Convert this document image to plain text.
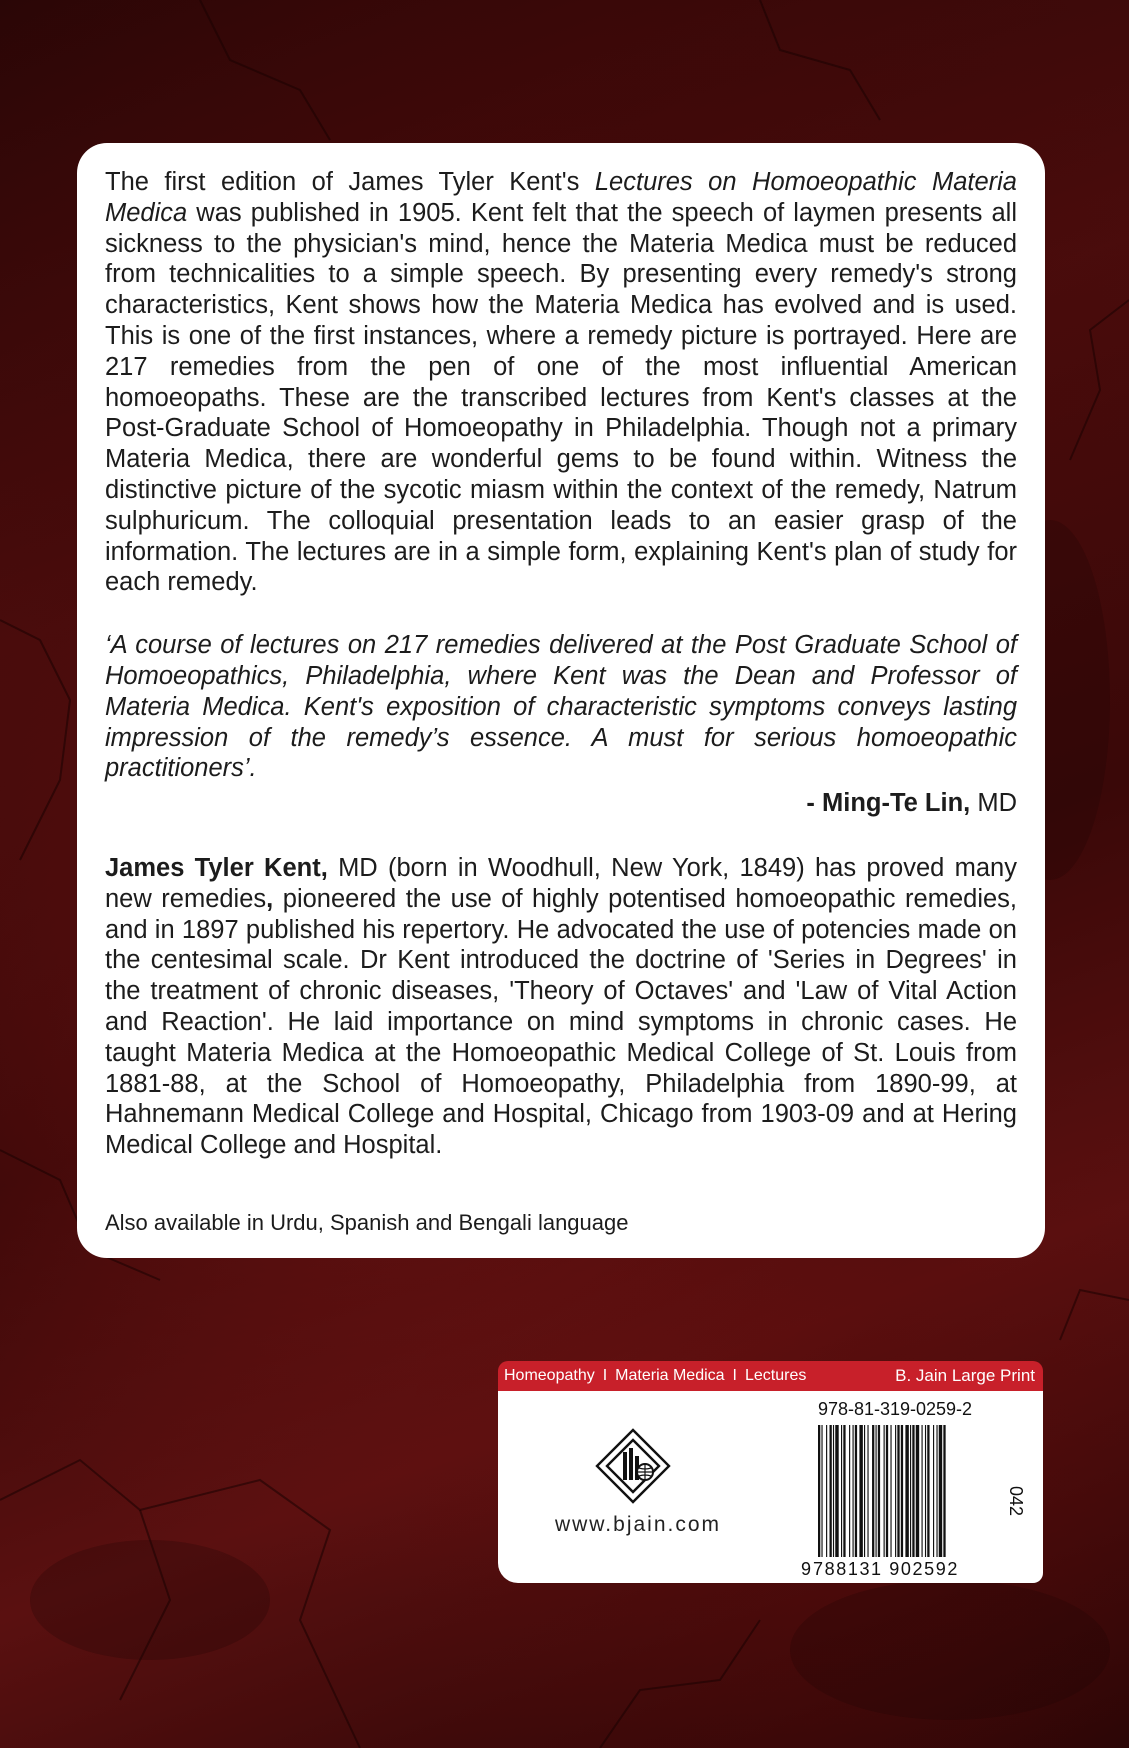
The first edition of James Tyler Kent's Lectures on Homoeopathic Materia Medica was published in 1905. Kent felt that the speech of laymen presents all sickness to the physician's mind, hence the Materia Medica must be reduced from technicalities to a simple speech. By presenting every remedy's strong characteristics, Kent shows how the Materia Medica has evolved and is used. This is one of the first instances, where a remedy picture is portrayed. Here are 217 remedies from the pen of one of the most influential American homoeopaths. These are the transcribed lectures from Kent's classes at the Post-Graduate School of Homoeopathy in Philadelphia. Though not a primary Materia Medica, there are wonderful gems to be found within. Witness the distinctive picture of the sycotic miasm within the context of the remedy, Natrum sulphuricum. The colloquial presentation leads to an easier grasp of the information. The lectures are in a simple form, explaining Kent's plan of study for each remedy.

‘A course of lectures on 217 remedies delivered at the Post Graduate School of Homoeopathics, Philadelphia, where Kent was the Dean and Professor of Materia Medica. Kent's exposition of characteristic symptoms conveys lasting impression of the remedy’s essence. A must for serious homoeopathic practitioners’.

- Ming-Te Lin, MD

James Tyler Kent, MD (born in Woodhull, New York, 1849) has proved many new remedies, pioneered the use of highly potentised homoeopathic remedies, and in 1897 published his repertory. He advocated the use of potencies made on the centesimal scale. Dr Kent introduced the doctrine of 'Series in Degrees' in the treatment of chronic diseases, 'Theory of Octaves' and 'Law of Vital Action and Reaction'. He laid importance on mind symptoms in chronic cases. He taught Materia Medica at the Homoeopathic Medical College of St. Louis from 1881-88, at the School of Homoeopathy, Philadelphia from 1890-99, at Hahnemann Medical College and Hospital, Chicago from 1903-09 and at Hering Medical College and Hospital.

Also available in Urdu, Spanish and Bengali language

Homeopathy I Materia Medica I Lectures	B. Jain Large Print

www.bjain.com

978-81-319-0259-2

9 788131 902592

042
